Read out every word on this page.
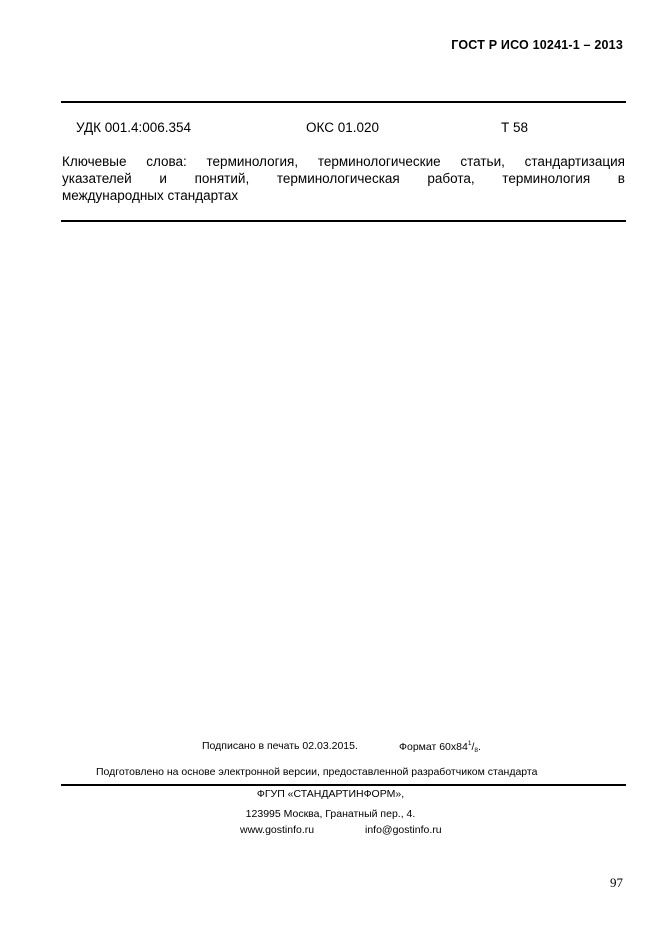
ГОСТ Р ИСО 10241-1 – 2013
УДК 001.4:006.354	ОКС 01.020	Т 58
Ключевые слова: терминология, терминологические статьи, стандартизация
указателей и понятий, терминологическая работа, терминология в
международных стандартах
Подписано в печать 02.03.2015.	Формат $60х84^1/_8$.
Подготовлено на основе электронной версии, предоставленной разработчиком стандарта
ФГУП «СТАНДАРТИНФОРМ»,
123995 Москва, Гранатный пер., 4.
www.gostinfo.ru	info@gostinfo.ru
97
